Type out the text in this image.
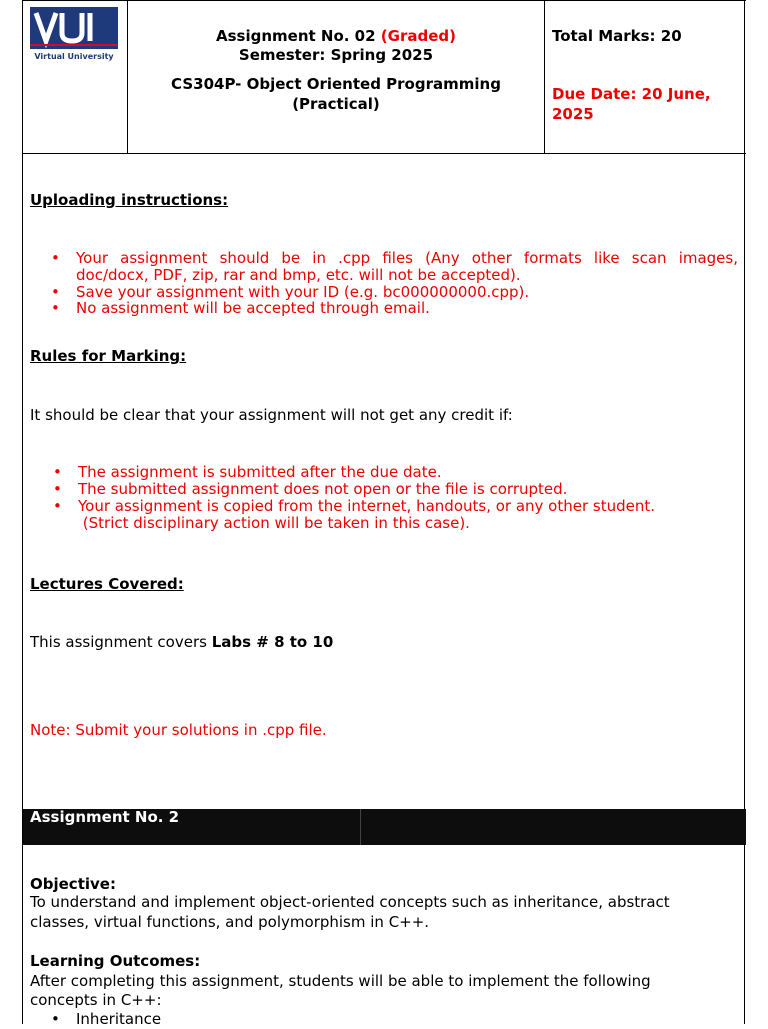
Virtual University
Assignment No. 02 (Graded)
Semester: Spring 2025
CS304P- Object Oriented Programming
(Practical)
Total Marks: 20
Due Date: 20 June,
2025
Uploading instructions:
• Your assignment should be in .cpp files (Any other formats like scan images,
doc/docx, PDF, zip, rar and bmp, etc. will not be accepted).
• Save your assignment with your ID (e.g. bc000000000.cpp).
• No assignment will be accepted through email.
Rules for Marking:
It should be clear that your assignment will not get any credit if:
• The assignment is submitted after the due date.
• The submitted assignment does not open or the file is corrupted.
• Your assignment is copied from the internet, handouts, or any other student.
(Strict disciplinary action will be taken in this case).
Lectures Covered:
This assignment covers Labs # 8 to 10
Note: Submit your solutions in .cpp file.
Assignment No. 2
Objective:
To understand and implement object-oriented concepts such as inheritance, abstract
classes, virtual functions, and polymorphism in C++.
Learning Outcomes:
After completing this assignment, students will be able to implement the following
concepts in C++:
• Inheritance
